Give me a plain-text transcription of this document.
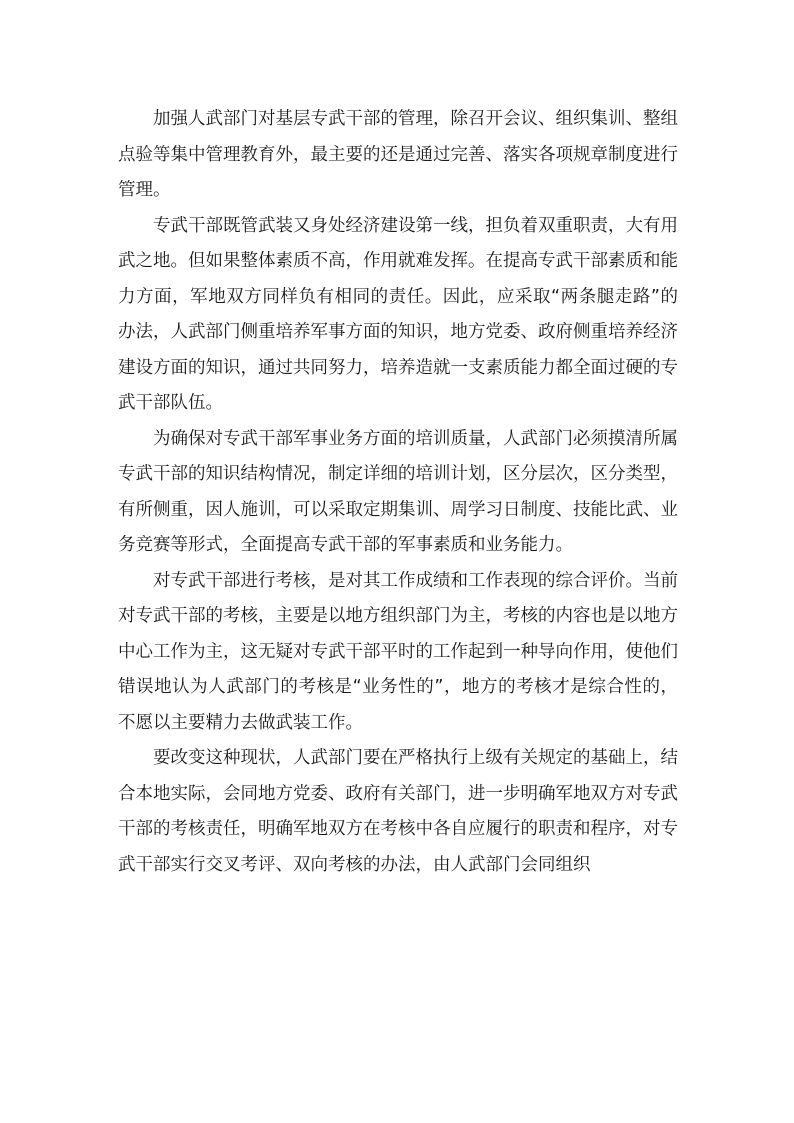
加强人武部门对基层专武干部的管理，除召开会议、组织集训、整组点验等集中管理教育外，最主要的还是通过完善、落实各项规章制度进行管理。

专武干部既管武装又身处经济建设第一线，担负着双重职责，大有用武之地。但如果整体素质不高，作用就难发挥。在提高专武干部素质和能力方面，军地双方同样负有相同的责任。因此，应采取“两条腿走路”的办法，人武部门侧重培养军事方面的知识，地方党委、政府侧重培养经济建设方面的知识，通过共同努力，培养造就一支素质能力都全面过硬的专武干部队伍。

为确保对专武干部军事业务方面的培训质量，人武部门必须摸清所属专武干部的知识结构情况，制定详细的培训计划，区分层次，区分类型，有所侧重，因人施训，可以采取定期集训、周学习日制度、技能比武、业务竞赛等形式，全面提高专武干部的军事素质和业务能力。

对专武干部进行考核，是对其工作成绩和工作表现的综合评价。当前对专武干部的考核，主要是以地方组织部门为主，考核的内容也是以地方中心工作为主，这无疑对专武干部平时的工作起到一种导向作用，使他们错误地认为人武部门的考核是“业务性的”，地方的考核才是综合性的，不愿以主要精力去做武装工作。

要改变这种现状，人武部门要在严格执行上级有关规定的基础上，结合本地实际，会同地方党委、政府有关部门，进一步明确军地双方对专武干部的考核责任，明确军地双方在考核中各自应履行的职责和程序，对专武干部实行交叉考评、双向考核的办法，由人武部门会同组织
